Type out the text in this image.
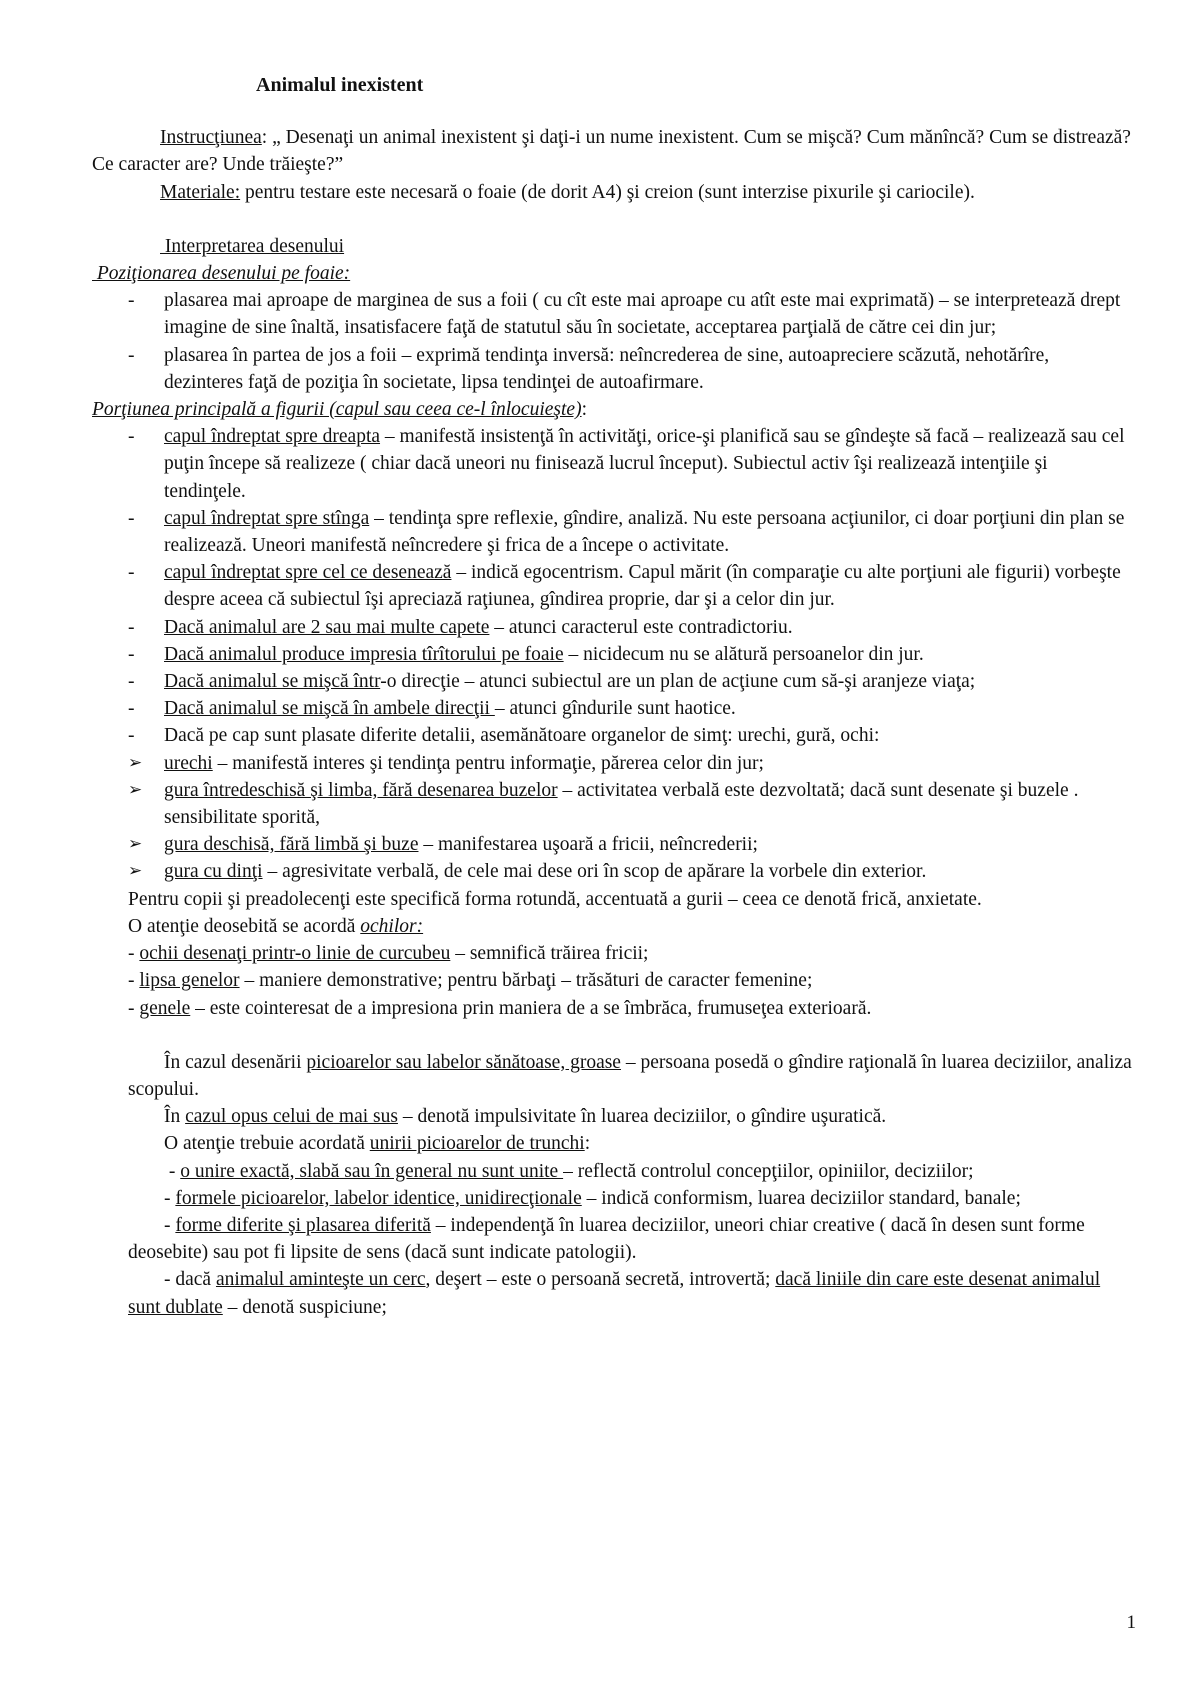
Animalul inexistent

Instrucţiunea: „ Desenaţi un animal inexistent şi daţi-i un nume inexistent. Cum se mişcă? Cum mănîncă? Cum se distrează? Ce caracter are? Unde trăieşte?”

Materiale: pentru testare este necesară o foaie (de dorit A4) şi creion (sunt interzise pixurile şi cariocile).

Interpretarea desenului

Poziţionarea desenului pe foaie:

- plasarea mai aproape de marginea de sus a foii ( cu cît este mai aproape cu atît este mai exprimată) – se interpretează drept imagine de sine înaltă, insatisfacere faţă de statutul său în societate, acceptarea parţială de către cei din jur;
- plasarea în partea de jos a foii – exprimă tendinţa inversă: neîncrederea de sine, autoapreciere scăzută, nehotărîre, dezinteres faţă de poziţia în societate, lipsa tendinţei de autoafirmare.

Porţiunea principală a figurii (capul sau ceea ce-l înlocuieşte):

- capul îndreptat spre dreapta – manifestă insistenţă în activităţi, orice-şi planifică sau se gîndeşte să facă – realizează sau cel puţin începe să realizeze ( chiar dacă uneori nu finisează lucrul început). Subiectul activ îşi realizează intenţiile şi tendinţele.
- capul îndreptat spre stînga – tendinţa spre reflexie, gîndire, analiză. Nu este persoana acţiunilor, ci doar porţiuni din plan se realizează. Uneori manifestă neîncredere şi frica de a începe o activitate.
- capul îndreptat spre cel ce desenează – indică egocentrism. Capul mărit (în comparaţie cu alte porţiuni ale figurii) vorbeşte despre aceea că subiectul îşi apreciază raţiunea, gîndirea proprie, dar şi a celor din jur.
- Dacă animalul are 2 sau mai multe capete – atunci caracterul este contradictoriu.
- Dacă animalul produce impresia tîrîtorului pe foaie – nicidecum nu se alătură persoanelor din jur.
- Dacă animalul se mişcă într-o direcţie – atunci subiectul are un plan de acţiune cum să-şi aranjeze viaţa;
- Dacă animalul se mişcă în ambele direcţii – atunci gîndurile sunt haotice.
- Dacă pe cap sunt plasate diferite detalii, asemănătoare organelor de simţ: urechi, gură, ochi:
➢ urechi – manifestă interes şi tendinţa pentru informaţie, părerea celor din jur;
➢ gura întredeschisă şi limba, fără desenarea buzelor – activitatea verbală este dezvoltată; dacă sunt desenate şi buzele . sensibilitate sporită,
➢ gura deschisă, fără limbă şi buze – manifestarea uşoară a fricii, neîncrederii;
➢ gura cu dinţi – agresivitate verbală, de cele mai dese ori în scop de apărare la vorbele din exterior.

Pentru copii şi preadolecenţi este specifică forma rotundă, accentuată a gurii – ceea ce denotă frică, anxietate.

O atenţie deosebită se acordă ochilor:

- ochii desenaţi printr-o linie de curcubeu – semnifică trăirea fricii;

- lipsa genelor – maniere demonstrative; pentru bărbaţi – trăsături de caracter femenine;

- genele – este cointeresat de a impresiona prin maniera de a se îmbrăca, frumuseţea exterioară.

În cazul desenării picioarelor sau labelor sănătoase, groase – persoana posedă o gîndire raţională în luarea deciziilor, analiza scopului.

În cazul opus celui de mai sus – denotă impulsivitate în luarea deciziilor, o gîndire uşuratică.

O atenţie trebuie acordată unirii picioarelor de trunchi:

- o unire exactă, slabă sau în general nu sunt unite – reflectă controlul concepţiilor, opiniilor, deciziilor;

- formele picioarelor, labelor identice, unidirecţionale – indică conformism, luarea deciziilor standard, banale;

- forme diferite şi plasarea diferită – independenţă în luarea deciziilor, uneori chiar creative ( dacă în desen sunt forme deosebite) sau pot fi lipsite de sens (dacă sunt indicate patologii).

- dacă animalul aminteşte un cerc, deşert – este o persoană secretă, introvertă; dacă liniile din care este desenat animalul sunt dublate – denotă suspiciune;

1
